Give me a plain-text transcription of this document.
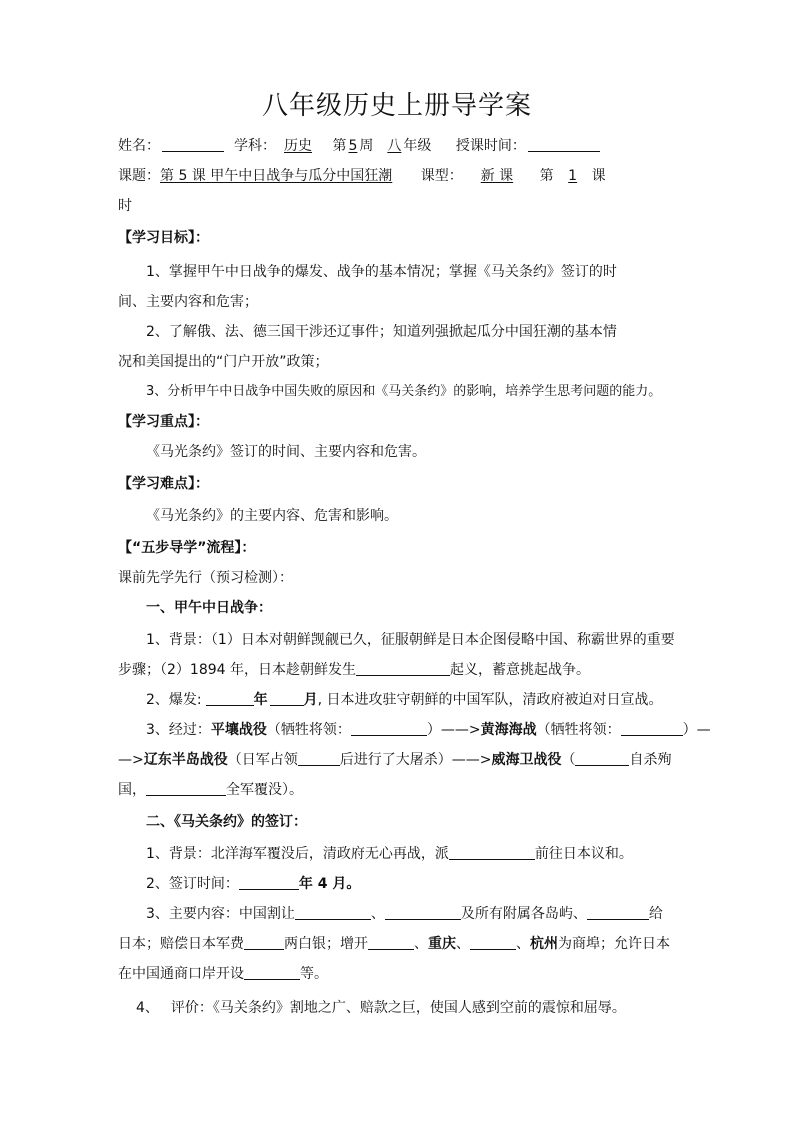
八年级历史上册导学案
姓名：	学科： 历史 第 5 周 八 年级 授课时间：
课题：第 5 课 甲午中日战争与瓜分中国狂潮 课型： 新 课 第 1 课
时
【学习目标】：
1、掌握甲午中日战争的爆发、战争的基本情况；掌握《马关条约》签订的时
间、主要内容和危害；
2、了解俄、法、德三国干涉还辽事件；知道列强掀起瓜分中国狂潮的基本情
况和美国提出的“门户开放”政策；
3、分析甲午中日战争中国失败的原因和《马关条约》的影响，培养学生思考问题的能力。
【学习重点】：
《马光条约》签订的时间、主要内容和危害。
【学习难点】：
《马光条约》的主要内容、危害和影响。
【“五步导学”流程】：
课前先学先行（预习检测）：
一、甲午中日战争：
1、背景：（1）日本对朝鲜觊觎已久，征服朝鲜是日本企图侵略中国、称霸世界的重要
步骤；（2）1894 年，日本趁朝鲜发生	起义，蓄意挑起战争。
2、爆发:	年	月, 日本进攻驻守朝鲜的中国军队，清政府被迫对日宣战。
3、经过：平壤战役（牺牲将领：	）——>黄海海战（牺牲将领：	）—
—>辽东半岛战役（日军占领	后进行了大屠杀）——>威海卫战役（	自杀殉
国，	全军覆没）。
二、《马关条约》的签订：
1、背景：北洋海军覆没后，清政府无心再战，派	前往日本议和。
2、签订时间：	年 4 月。
3、主要内容：中国割让	、	及所有附属各岛屿、	给
日本；赔偿日本军费	两白银；增开	、重庆、	、杭州为商埠；允许日本
在中国通商口岸开设	等。
4、 评价：《马关条约》割地之广、赔款之巨，使国人感到空前的震惊和屈辱。
